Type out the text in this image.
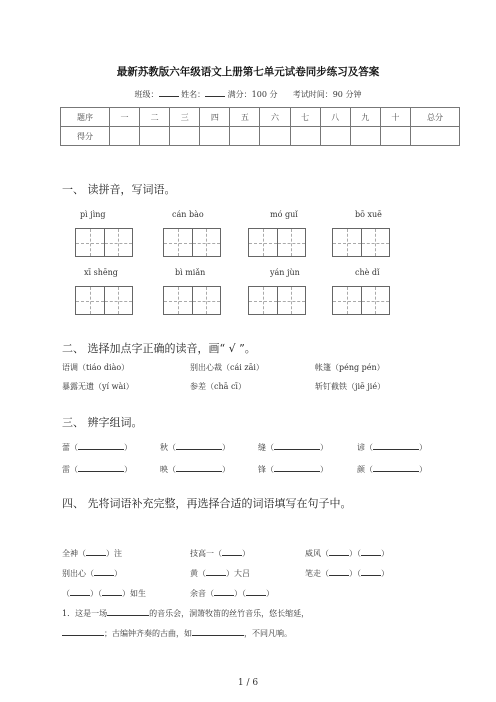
最新苏教版六年级语文上册第七单元试卷同步练习及答案
班级：	姓名：	满分：100 分 考试时间：90 分钟
题序	一	二	三	四	五	六	七	八	九	十	总分
得分											
一、 读拼音，写词语。
pì jìng	cán bào	mó guǐ	bō xuē
xī shēng	bì miǎn	yán jùn	chè dǐ
二、 选择加点字正确的读音，画“ √ ”。
语调（tiáo diào）	别出心裁（cái zāi）	帐篷（péng pén）
暴露无遗（yí wài）	参差（chā cī）	斩钉截铁（jiē jié）
三、 辨字组词。
蕾（	）	秋（	）	缝（	）	谚（	）
雷（	）	映（	）	锋（	）	颜（	）
四、 先将词语补充完整，再选择合适的词语填写在句子中。
全神（	）注	技高一（	）	威风（	）（	）
别出心（	）	黄（	）大吕	笔走（	）（	）
（	）（	）如生	余音（	）（	）
1．这是一场	的音乐会，洞箫牧笛的丝竹音乐，悠长缩延，
；古编钟齐奏的古曲，如	，不同凡响。
1 / 6
